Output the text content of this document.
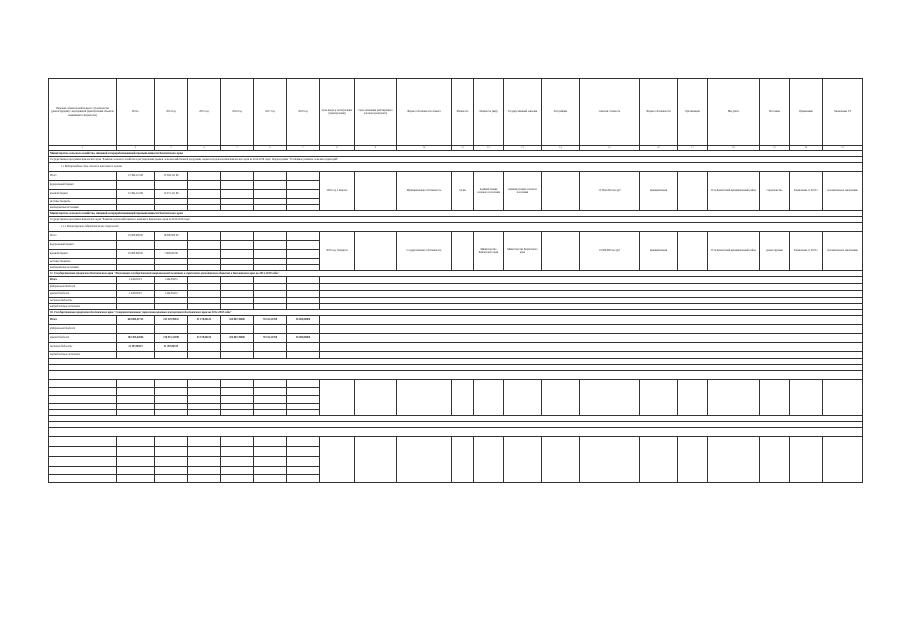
Перечень объектов капитального строительства (реконструкции) / мероприятий (приобретения объектов недвижимого имущества)	Итого	2014 год	2015 год	2016 год	2017 год	2018 год	Срок ввода в эксплуатацию (приобретения)	Срок окончания действующего договора (контракта)	Форма собственности объекта	Мощность	Мощность (вид)	Государственный заказчик	Застройщик	Сметная стоимость	Форма собственности	Организация	Вид работ	Источник	Примечание	Заключение ГЭ
1	2	3	4	5	6	7	8	9	10	11	12	13	14	15	16	17	18	19	20	21
Министерство сельского хозяйства, пищевой и перерабатывающей промышленности Камчатского края																				
Государственная программа Камчатского края "Развитие сельского хозяйства и регулирования рынков сельскохозяйственной продукции, сырья и продовольствия Камчатского края на 2014-2018 годы" Подпрограмма "Устойчивое развитие сельских территорий"																				
1.1 Водопроводные сети сельского населенного пункта																				
Итого	15 394,121 69	15 394,121 69					2016 год, I квартал		Муниципальная собственность	5,0 км	Администрация сельского поселения	Администрация сельского поселения		15 394,1204 тыс.руб	муниципальная		Усть-Камчатский муниципальный район	строительство	Заключение от 2015 г.	положительное заключение
федеральный бюджет																				
краевой бюджет	15 394,121 69	15 371,121 69																		
местные бюджеты																				
внебюджетные источники																				
Министерство сельского хозяйства, пищевой и перерабатывающей промышленности Камчатского края																				
Государственная программа Камчатского края "Развитие рыбохозяйственного комплекса Камчатского края на 2014-2018 годы"																				
1.1.1 Реконструкция гидротехнических сооружений																				
Итого	19 000,000 00	19 000,000 00					2016 год, II квартал		государственная собственность		Министерство Камчатского края	Министерство Камчатского края		19 000,000 тыс.руб	муниципальная		Усть-Камчатский муниципальный район	реконструкция	Заключение от 2015 г.	положительное заключение
федеральный бюджет																				
краевой бюджет	19 000,000 00	7 000,000 00																		
местные бюджеты																				
внебюджетные источники																				
11. Государственная программа Камчатского края "Реализация государственной национальной политики и укрепление гражданского единства в Камчатском крае на 2014-2018 годы"																				
Итого	2 443,05471	1 444,83472																		
федеральный бюджет																				
краевой бюджет	2 443,05471	1 444,83472																		
местные бюджеты																				
внебюджетные источники																				
16. Государственная программа Камчатского края "Совершенствование управления краевым имуществом Камчатского края на 2014-2018 годы"																				
Итого	604 085,41743	222 119,59932	51 178,06132	104 867,39000	78 411,21768	30 000,00000														
федеральный бюджет																				
краевой бюджет	182 393,62046	136 071,33198	53 178,06132	104 867,39000	78 411,21768	30 000,00000														
местные бюджеты	21 497,80215	21 497,80215																		
внебюджетные источники																				
